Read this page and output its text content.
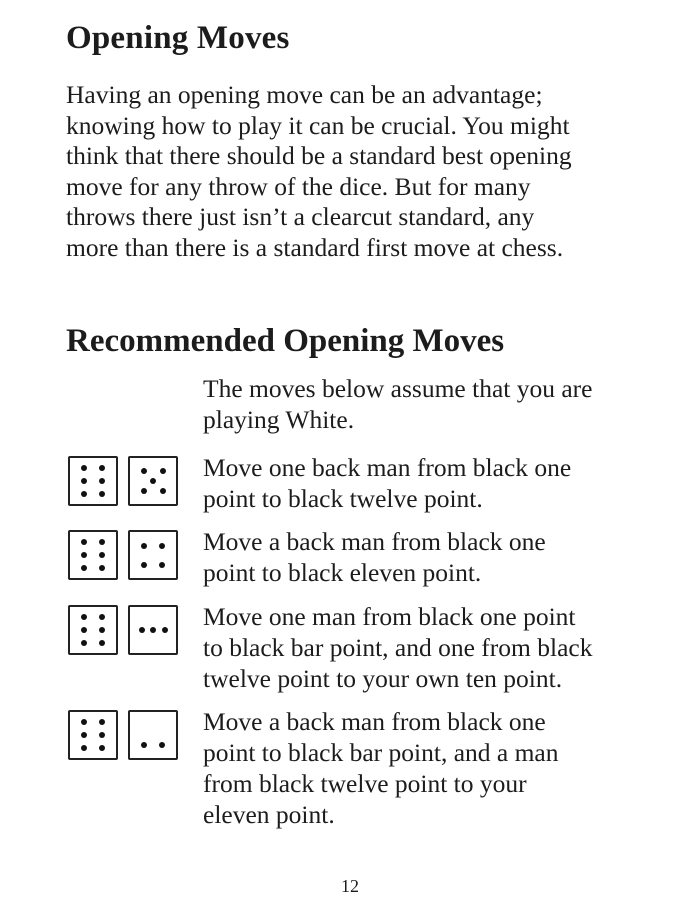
Opening Moves

Having an opening move can be an advantage;
knowing how to play it can be crucial. You might
think that there should be a standard best opening
move for any throw of the dice. But for many
throws there just isn’t a clearcut standard, any
more than there is a standard first move at chess.

Recommended Opening Moves

The moves below assume that you are
playing White.

Move one back man from black one
point to black twelve point.

Move a back man from black one
point to black eleven point.

Move one man from black one point
to black bar point, and one from black
twelve point to your own ten point.

Move a back man from black one
point to black bar point, and a man
from black twelve point to your
eleven point.

12
